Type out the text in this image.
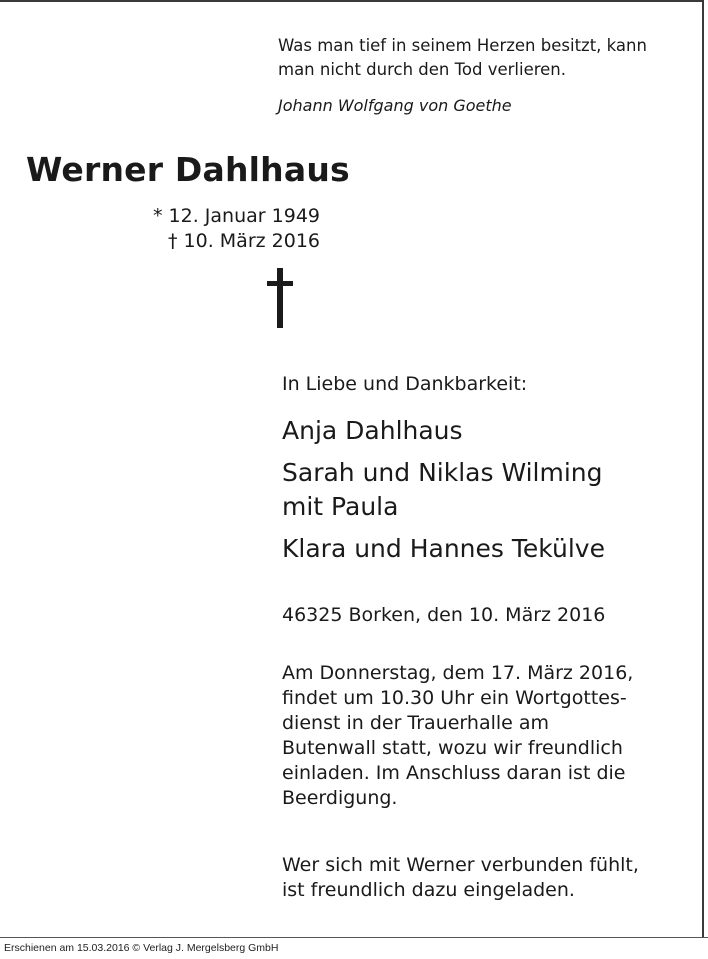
Was man tief in seinem Herzen besitzt, kann
man nicht durch den Tod verlieren.
Johann Wolfgang von Goethe
Werner Dahlhaus
* 12. Januar 1949
† 10. März 2016
In Liebe und Dankbarkeit:
Anja Dahlhaus
Sarah und Niklas Wilming
mit Paula
Klara und Hannes Tekülve
46325 Borken, den 10. März 2016
Am Donnerstag, dem 17. März 2016,
findet um 10.30 Uhr ein Wortgottes-
dienst in der Trauerhalle am
Butenwall statt, wozu wir freundlich
einladen. Im Anschluss daran ist die
Beerdigung.
Wer sich mit Werner verbunden fühlt,
ist freundlich dazu eingeladen.
Erschienen am 15.03.2016 © Verlag J. Mergelsberg GmbH
